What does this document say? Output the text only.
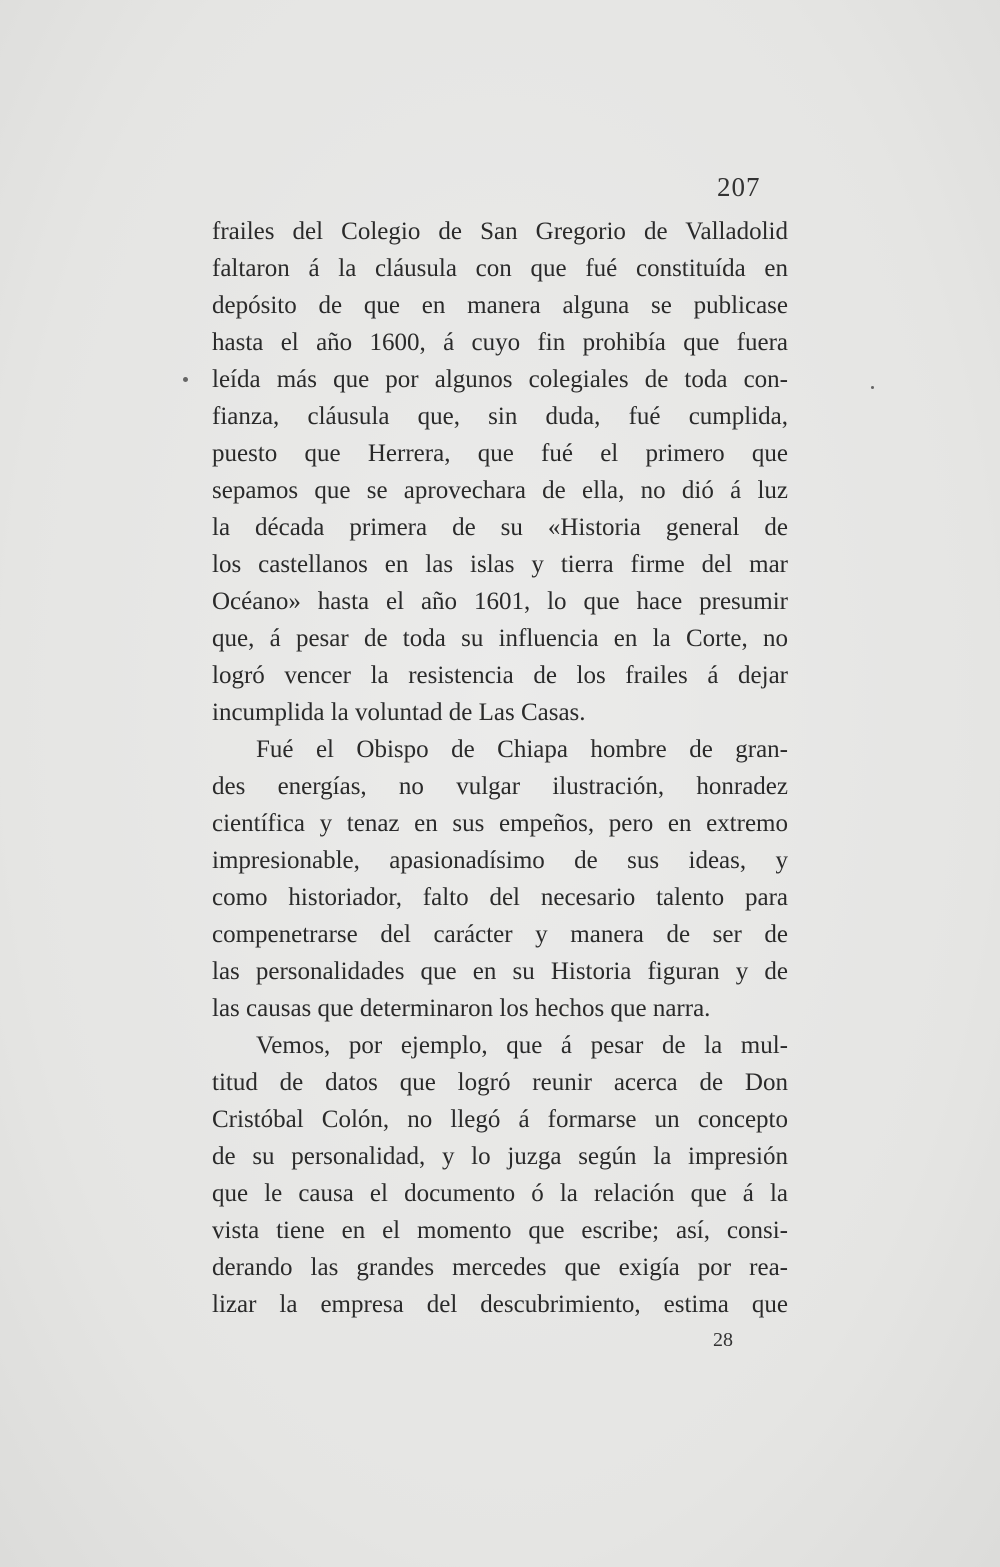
207
frailes del Colegio de San Gregorio de Valladolid
faltaron á la cláusula con que fué constituída en
depósito de que en manera alguna se publicase
hasta el año 1600, á cuyo fin prohibía que fuera
leída más que por algunos colegiales de toda con-
fianza, cláusula que, sin duda, fué cumplida,
puesto que Herrera, que fué el primero que
sepamos que se aprovechara de ella, no dió á luz
la década primera de su «Historia general de
los castellanos en las islas y tierra firme del mar
Océano» hasta el año 1601, lo que hace presumir
que, á pesar de toda su influencia en la Corte, no
logró vencer la resistencia de los frailes á dejar
incumplida la voluntad de Las Casas.
Fué el Obispo de Chiapa hombre de gran-
des energías, no vulgar ilustración, honradez
científica y tenaz en sus empeños, pero en extremo
impresionable, apasionadísimo de sus ideas, y
como historiador, falto del necesario talento para
compenetrarse del carácter y manera de ser de
las personalidades que en su Historia figuran y de
las causas que determinaron los hechos que narra.
Vemos, por ejemplo, que á pesar de la mul-
titud de datos que logró reunir acerca de Don
Cristóbal Colón, no llegó á formarse un concepto
de su personalidad, y lo juzga según la impresión
que le causa el documento ó la relación que á la
vista tiene en el momento que escribe; así, consi-
derando las grandes mercedes que exigía por rea-
lizar la empresa del descubrimiento, estima que
28
